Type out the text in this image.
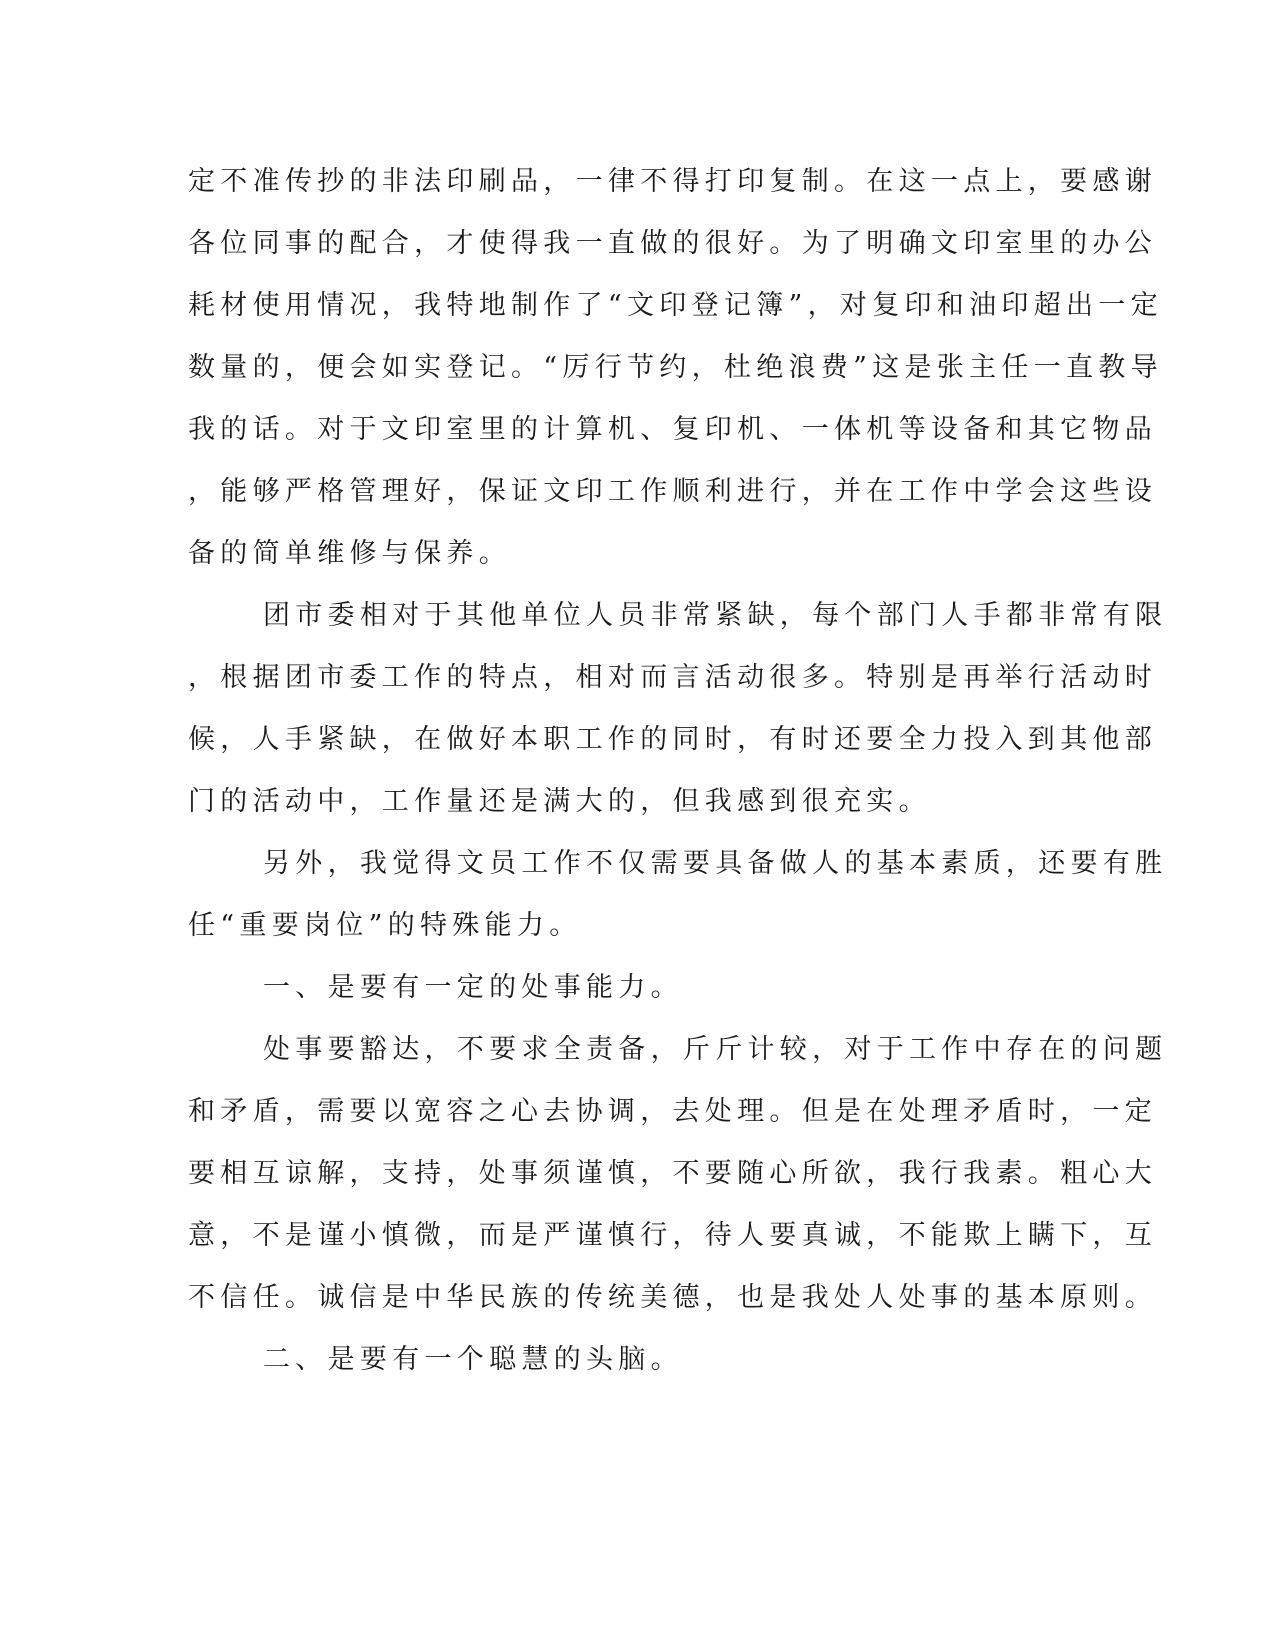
定不准传抄的非法印刷品，一律不得打印复制。在这一点上，要感谢
各位同事的配合，才使得我一直做的很好。为了明确文印室里的办公
耗材使用情况，我特地制作了“文印登记簿”，对复印和油印超出一定
数量的，便会如实登记。“厉行节约，杜绝浪费”这是张主任一直教导
我的话。对于文印室里的计算机、复印机、一体机等设备和其它物品
，能够严格管理好，保证文印工作顺利进行，并在工作中学会这些设
备的简单维修与保养。
团市委相对于其他单位人员非常紧缺，每个部门人手都非常有限
，根据团市委工作的特点，相对而言活动很多。特别是再举行活动时
候，人手紧缺，在做好本职工作的同时，有时还要全力投入到其他部
门的活动中，工作量还是满大的，但我感到很充实。
另外，我觉得文员工作不仅需要具备做人的基本素质，还要有胜
任“重要岗位”的特殊能力。
一、是要有一定的处事能力。
处事要豁达，不要求全责备，斤斤计较，对于工作中存在的问题
和矛盾，需要以宽容之心去协调，去处理。但是在处理矛盾时，一定
要相互谅解，支持，处事须谨慎，不要随心所欲，我行我素。粗心大
意，不是谨小慎微，而是严谨慎行，待人要真诚，不能欺上瞒下，互
不信任。诚信是中华民族的传统美德，也是我处人处事的基本原则。
二、是要有一个聪慧的头脑。
